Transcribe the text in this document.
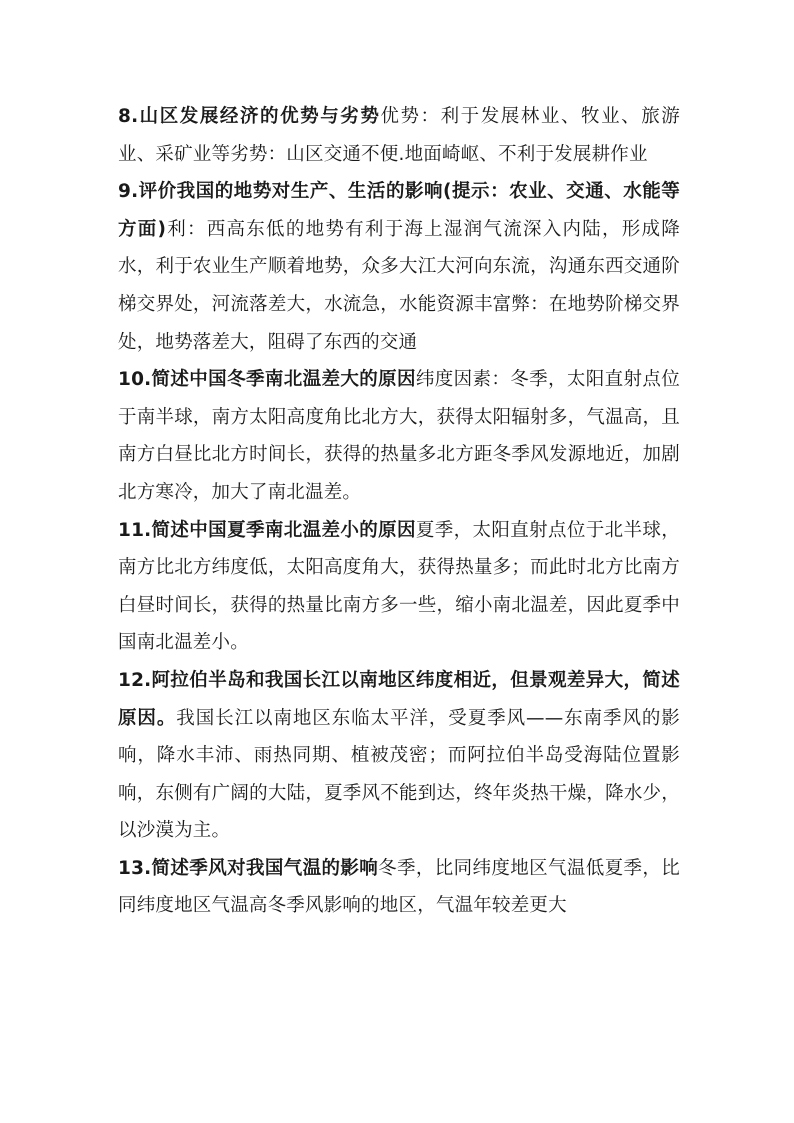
8.山区发展经济的优势与劣势优势：利于发展林业、牧业、旅游业、采矿业等劣势：山区交通不便.地面崎岖、不利于发展耕作业

9.评价我国的地势对生产、生活的影响(提示：农业、交通、水能等方面)利：西高东低的地势有利于海上湿润气流深入内陆，形成降水，利于农业生产顺着地势，众多大江大河向东流，沟通东西交通阶梯交界处，河流落差大，水流急，水能资源丰富弊：在地势阶梯交界处，地势落差大，阻碍了东西的交通

10.简述中国冬季南北温差大的原因纬度因素：冬季，太阳直射点位于南半球，南方太阳高度角比北方大，获得太阳辐射多，气温高，且南方白昼比北方时间长，获得的热量多北方距冬季风发源地近，加剧北方寒冷，加大了南北温差。

11.简述中国夏季南北温差小的原因夏季，太阳直射点位于北半球，南方比北方纬度低，太阳高度角大，获得热量多；而此时北方比南方白昼时间长，获得的热量比南方多一些，缩小南北温差，因此夏季中国南北温差小。

12.阿拉伯半岛和我国长江以南地区纬度相近，但景观差异大，简述原因。我国长江以南地区东临太平洋，受夏季风——东南季风的影响，降水丰沛、雨热同期、植被茂密；而阿拉伯半岛受海陆位置影响，东侧有广阔的大陆，夏季风不能到达，终年炎热干燥，降水少，以沙漠为主。

13.简述季风对我国气温的影响冬季，比同纬度地区气温低夏季，比同纬度地区气温高冬季风影响的地区，气温年较差更大
